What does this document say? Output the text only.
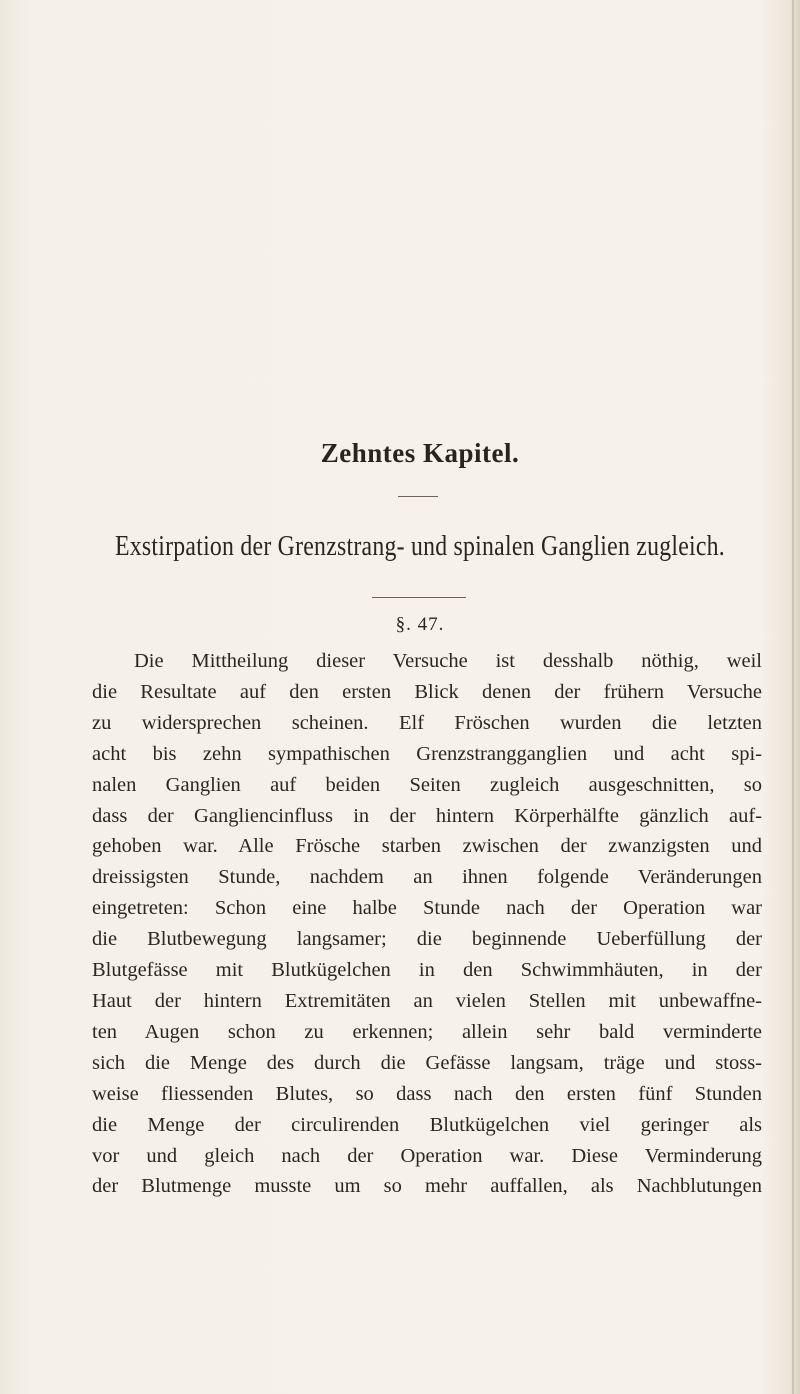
Zehntes Kapitel.
Exstirpation der Grenzstrang- und spinalen Ganglien zugleich.
§. 47.
Die Mittheilung dieser Versuche ist desshalb nöthig, weil
die Resultate auf den ersten Blick denen der frühern Versuche
zu widersprechen scheinen. Elf Fröschen wurden die letzten
acht bis zehn sympathischen Grenzstrangganglien und acht spi-
nalen Ganglien auf beiden Seiten zugleich ausgeschnitten, so
dass der Gangliencinfluss in der hintern Körperhälfte gänzlich auf-
gehoben war. Alle Frösche starben zwischen der zwanzigsten und
dreissigsten Stunde, nachdem an ihnen folgende Veränderungen
eingetreten: Schon eine halbe Stunde nach der Operation war
die Blutbewegung langsamer; die beginnende Ueberfüllung der
Blutgefässe mit Blutkügelchen in den Schwimmhäuten, in der
Haut der hintern Extremitäten an vielen Stellen mit unbewaffne-
ten Augen schon zu erkennen; allein sehr bald verminderte
sich die Menge des durch die Gefässe langsam, träge und stoss-
weise fliessenden Blutes, so dass nach den ersten fünf Stunden
die Menge der circulirenden Blutkügelchen viel geringer als
vor und gleich nach der Operation war. Diese Verminderung
der Blutmenge musste um so mehr auffallen, als Nachblutungen
